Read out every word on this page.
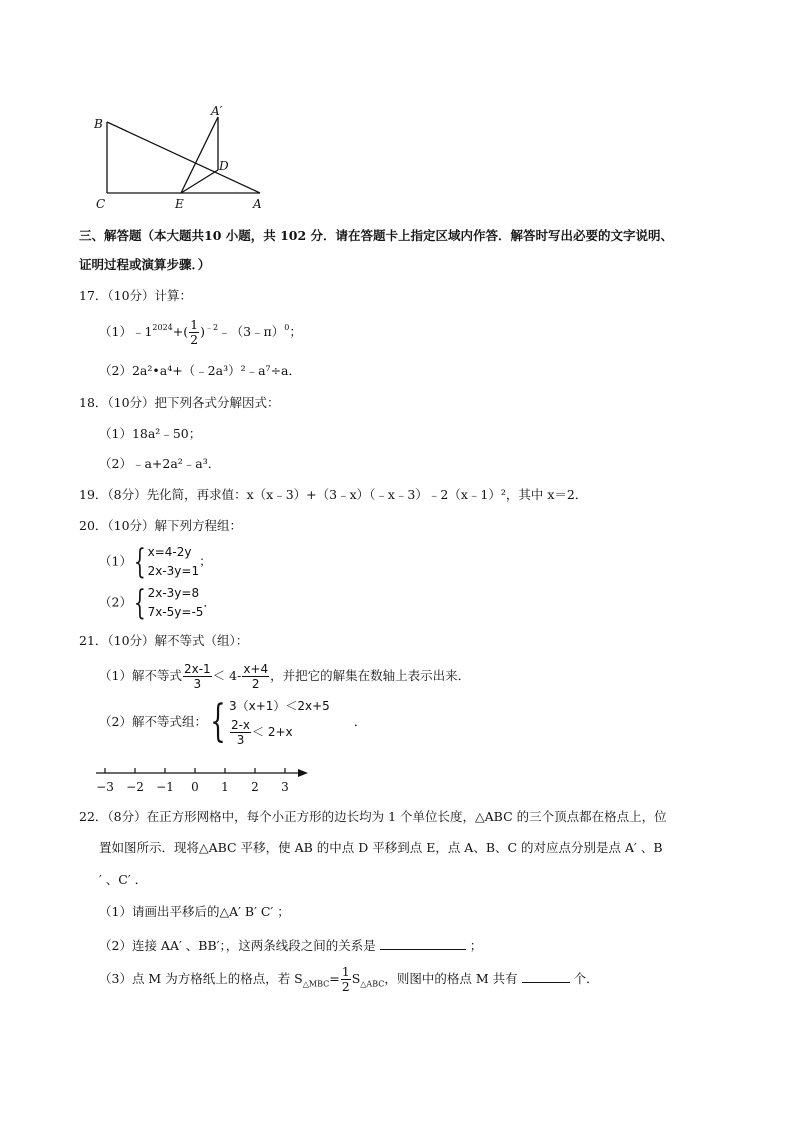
B
C	E	A
A′
D
三、解答题（本大题共10 小题，共 102 分．请在答题卡上指定区域内作答．解答时写出必要的文字说明、
证明过程或演算步骤．）
17．（10分）计算：
$(1)﹣1^{2024}+( \frac{1}{2}$ )$^{﹣2}$﹣（3﹣π）$^0$；
（2）2a²•a⁴+（﹣2a³）²﹣a⁷÷a．
18．（10分）把下列各式分解因式：
（1）18a²﹣50；
（2）﹣a+2a²﹣a³．
19．（8分）先化简，再求值：x（x﹣3）+（3﹣x）（﹣x﹣3）﹣2（x﹣1）²，其中 x＝2．
20．（10分）解下列方程组：
（1）{ x=4-2y
2x-3y=1
；
（2）{ 2x-3y=8
7x-5y=-5
．
21．（10分）解不等式（组）：
（1）解不等式 $\frac{2x-1}{3} < 4- \frac{x+4}{2}$ ，并把它的解集在数轴上表示出来．
（2）解不等式组：{ 3（x+1）＜2x+5
$\frac{2-x}{3} < 2+x$
．
−3 −2 −1 0 1 2 3
22．（8分）在正方形网格中，每个小正方形的边长均为 1 个单位长度，△ABC 的三个顶点都在格点上，位
置如图所示．现将△ABC 平移，使 AB 的中点 D 平移到点 E，点 A、B、C 的对应点分别是点 A′ 、B
′ 、C′ ．
（1）请画出平移后的△A′ B′ C′ ；
（2）连接 AA′ 、BB′；，这两条线段之间的关系是	；
（3）点 M 为方格纸上的格点，若 $S_{\triangle MBC}= \frac{1}{2} S_{\triangle ABC}$，则图中的格点 M 共有	个．
